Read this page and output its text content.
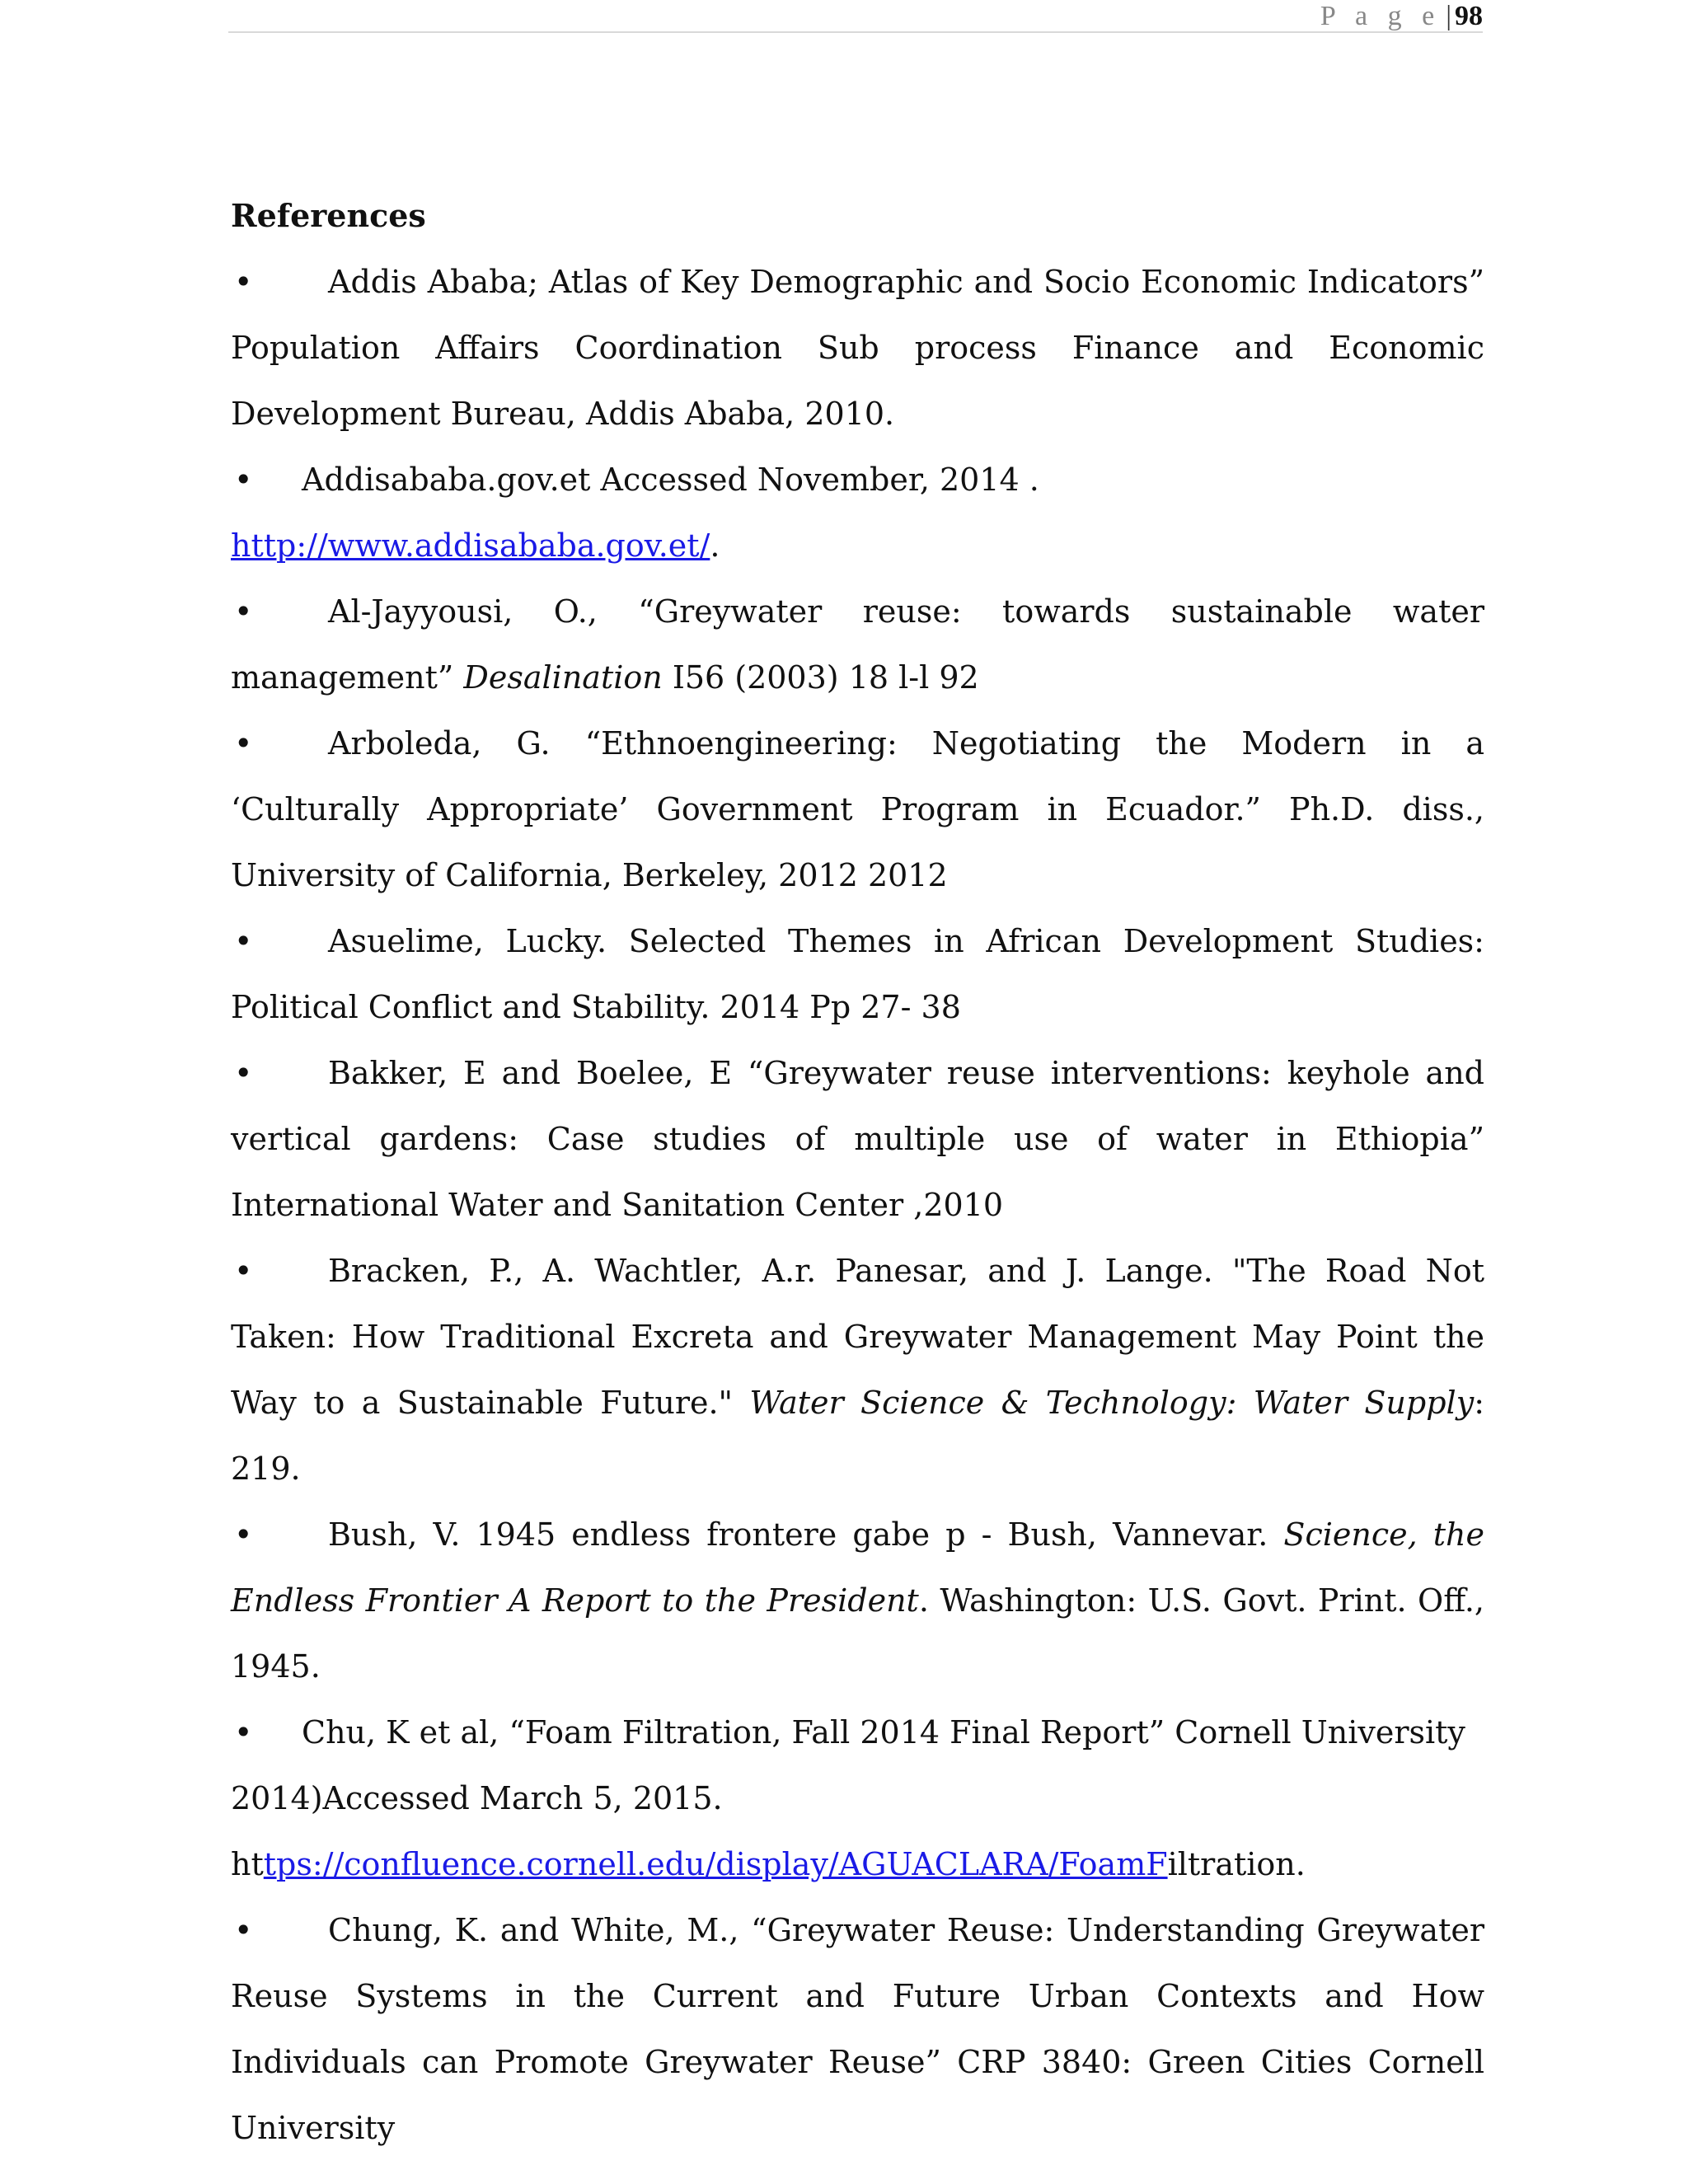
P a g e | 98
References
• Addis Ababa; Atlas of Key Demographic and Socio Economic Indicators” Population Affairs Coordination Sub process Finance and Economic Development Bureau, Addis Ababa, 2010.
• Addisababa.gov.et Accessed November, 2014 . http://www.addisababa.gov.et/.
• Al-Jayyousi, O., “Greywater reuse: towards sustainable water management” Desalination I56 (2003) 18 l-l 92
• Arboleda, G. “Ethnoengineering: Negotiating the Modern in a ‘Culturally Appropriate’ Government Program in Ecuador.” Ph.D. diss., University of California, Berkeley, 2012 2012
• Asuelime, Lucky. Selected Themes in African Development Studies: Political Conflict and Stability. 2014 Pp 27- 38
• Bakker, E and Boelee, E “Greywater reuse interventions: keyhole and vertical gardens: Case studies of multiple use of water in Ethiopia” International Water and Sanitation Center ,2010
• Bracken, P., A. Wachtler, A.r. Panesar, and J. Lange. "The Road Not Taken: How Traditional Excreta and Greywater Management May Point the Way to a Sustainable Future." Water Science & Technology: Water Supply: 219.
• Bush, V. 1945 endless frontere gabe p - Bush, Vannevar. Science, the Endless Frontier A Report to the President. Washington: U.S. Govt. Print. Off., 1945.
• Chu, K et al, “Foam Filtration, Fall 2014 Final Report” Cornell University
2014)Accessed March 5, 2015.
https://confluence.cornell.edu/display/AGUACLARA/FoamFiltration.
• Chung, K. and White, M., “Greywater Reuse: Understanding Greywater Reuse Systems in the Current and Future Urban Contexts and How Individuals can Promote Greywater Reuse” CRP 3840: Green Cities Cornell University
